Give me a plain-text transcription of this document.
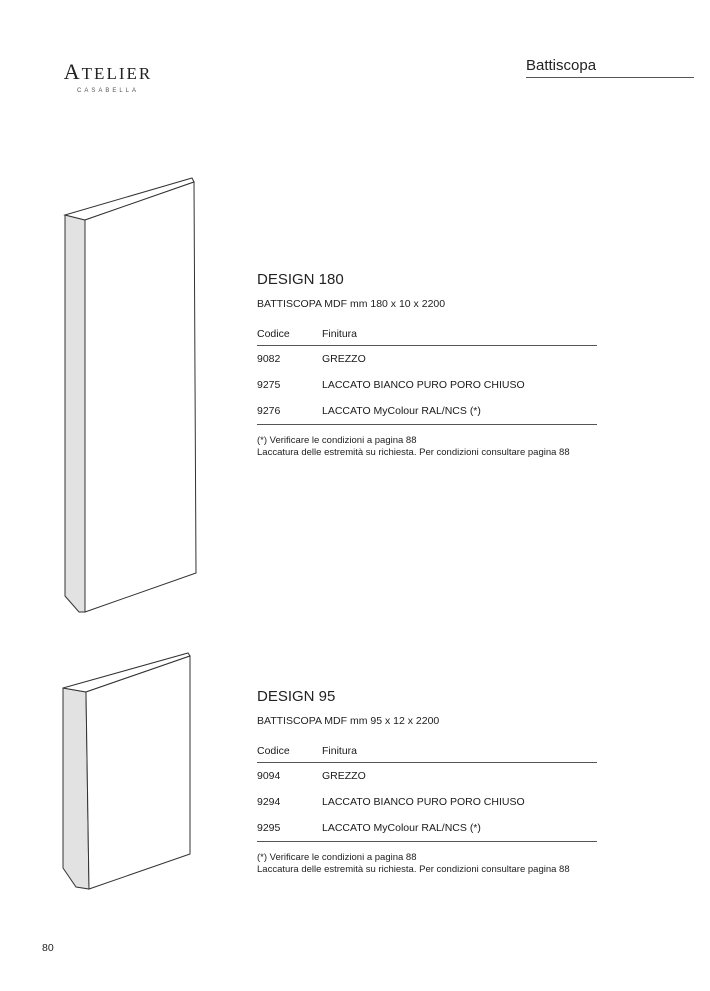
ATELIER
CASABELLA
Battiscopa
DESIGN 180
BATTISCOPA MDF mm 180 x 10 x 2200
Codice	Finitura
9082	GREZZO
9275	LACCATO BIANCO PURO PORO CHIUSO
9276	LACCATO MyColour RAL/NCS (*)
(*) Verificare le condizioni a pagina 88
Laccatura delle estremità su richiesta. Per condizioni consultare pagina 88
DESIGN 95
BATTISCOPA MDF mm 95 x 12 x 2200
Codice	Finitura
9094	GREZZO
9294	LACCATO BIANCO PURO PORO CHIUSO
9295	LACCATO MyColour RAL/NCS (*)
(*) Verificare le condizioni a pagina 88
Laccatura delle estremità su richiesta. Per condizioni consultare pagina 88
80
